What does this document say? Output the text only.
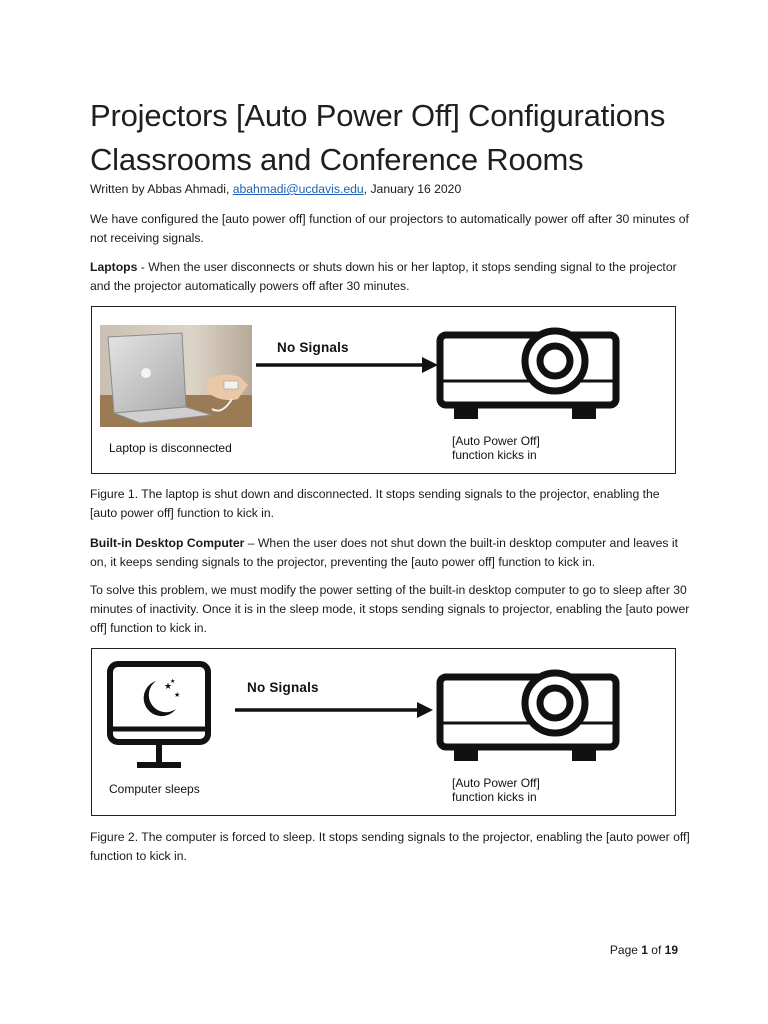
Projectors [Auto Power Off] Configurations
Classrooms and Conference Rooms

Written by Abbas Ahmadi, abahmadi@ucdavis.edu, January 16 2020

We have configured the [auto power off] function of our projectors to automatically power off after 30 minutes of not receiving signals.

Laptops - When the user disconnects or shuts down his or her laptop, it stops sending signal to the projector and the projector automatically powers off after 30 minutes.

Laptop is disconnected
No Signals
[Auto Power Off]
function kicks in

Figure 1. The laptop is shut down and disconnected. It stops sending signals to the projector, enabling the [auto power off] function to kick in.

Built-in Desktop Computer – When the user does not shut down the built-in desktop computer and leaves it on, it keeps sending signals to the projector, preventing the [auto power off] function to kick in.

To solve this problem, we must modify the power setting of the built-in desktop computer to go to sleep after 30 minutes of inactivity. Once it is in the sleep mode, it stops sending signals to projector, enabling the [auto power off] function to kick in.

★
★
★
Computer sleeps
No Signals
[Auto Power Off]
function kicks in

Figure 2. The computer is forced to sleep. It stops sending signals to the projector, enabling the [auto power off] function to kick in.

Page 1 of 19
